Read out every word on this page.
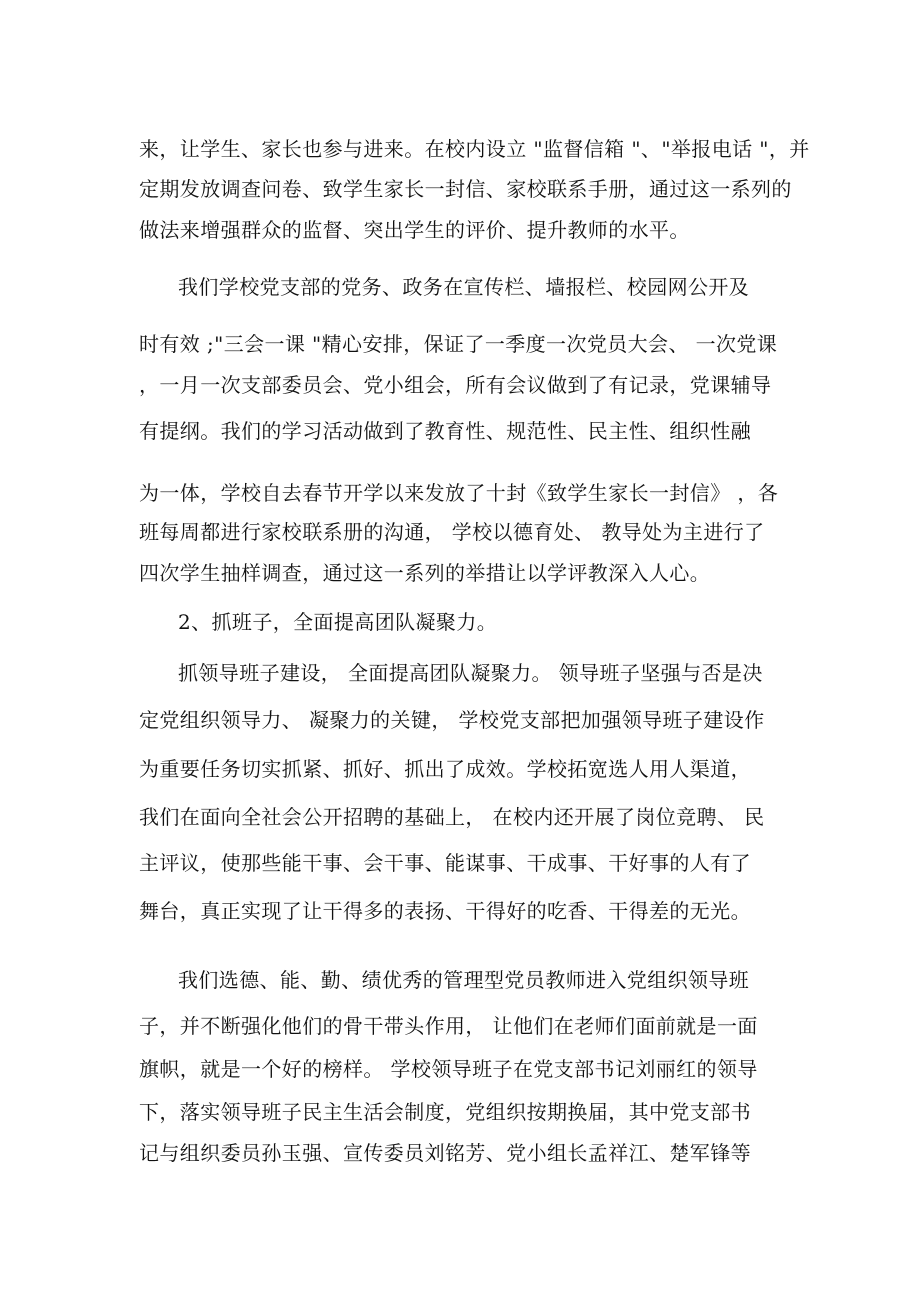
来，让学生、家长也参与进来。在校内设立 "监督信箱 "、"举报电话 "，并
定期发放调查问卷、致学生家长一封信、家校联系手册，通过这一系列的
做法来增强群众的监督、突出学生的评价、提升教师的水平。
我们学校党支部的党务、政务在宣传栏、墙报栏、校园网公开及
时有效 ;"三会一课 "精心安排，保证了一季度一次党员大会、 一次党课
，一月一次支部委员会、党小组会，所有会议做到了有记录，党课辅导
有提纲。我们的学习活动做到了教育性、规范性、民主性、组织性融
为一体，学校自去春节开学以来发放了十封《致学生家长一封信》 ，各
班每周都进行家校联系册的沟通， 学校以德育处、 教导处为主进行了
四次学生抽样调查，通过这一系列的举措让以学评教深入人心。
2、抓班子，全面提高团队凝聚力。
抓领导班子建设， 全面提高团队凝聚力。 领导班子坚强与否是决
定党组织领导力、 凝聚力的关键， 学校党支部把加强领导班子建设作
为重要任务切实抓紧、抓好、抓出了成效。学校拓宽选人用人渠道，
我们在面向全社会公开招聘的基础上， 在校内还开展了岗位竞聘、 民
主评议，使那些能干事、会干事、能谋事、干成事、干好事的人有了
舞台，真正实现了让干得多的表扬、干得好的吃香、干得差的无光。
我们选德、能、勤、绩优秀的管理型党员教师进入党组织领导班
子，并不断强化他们的骨干带头作用， 让他们在老师们面前就是一面
旗帜，就是一个好的榜样。 学校领导班子在党支部书记刘丽红的领导
下，落实领导班子民主生活会制度，党组织按期换届，其中党支部书
记与组织委员孙玉强、宣传委员刘铭芳、党小组长孟祥江、楚军锋等
